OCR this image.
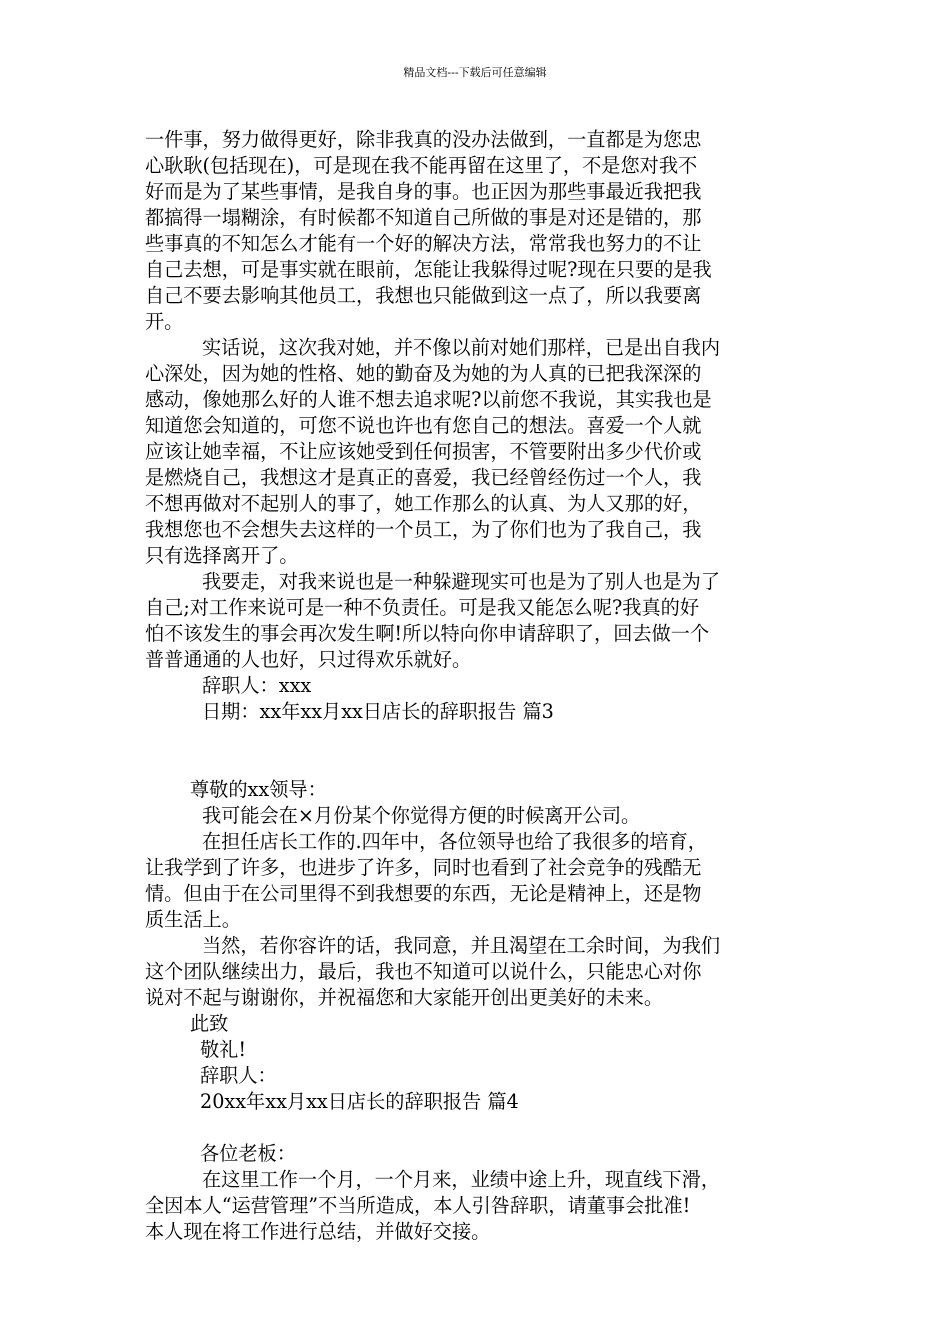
精品文档---下载后可任意编辑
一件事，努力做得更好，除非我真的没办法做到，一直都是为您忠
心耿耿(包括现在)，可是现在我不能再留在这里了，不是您对我不
好而是为了某些事情，是我自身的事。也正因为那些事最近我把我
都搞得一塌糊涂，有时候都不知道自己所做的事是对还是错的，那
些事真的不知怎么才能有一个好的解决方法，常常我也努力的不让
自己去想，可是事实就在眼前，怎能让我躲得过呢?现在只要的是我
自己不要去影响其他员工，我想也只能做到这一点了，所以我要离
开。
实话说，这次我对她，并不像以前对她们那样，已是出自我内
心深处，因为她的性格、她的勤奋及为她的为人真的已把我深深的
感动，像她那么好的人谁不想去追求呢?以前您不我说，其实我也是
知道您会知道的，可您不说也许也有您自己的想法。喜爱一个人就
应该让她幸福，不让应该她受到任何损害，不管要附出多少代价或
是燃烧自己，我想这才是真正的喜爱，我已经曾经伤过一个人，我
不想再做对不起别人的事了，她工作那么的认真、为人又那的好，
我想您也不会想失去这样的一个员工，为了你们也为了我自己，我
只有选择离开了。
我要走，对我来说也是一种躲避现实可也是为了别人也是为了
自己;对工作来说可是一种不负责任。可是我又能怎么呢?我真的好
怕不该发生的事会再次发生啊!所以特向你申请辞职了，回去做一个
普普通通的人也好，只过得欢乐就好。
辞职人：xxx
日期：xx年xx月xx日店长的辞职报告 篇3
尊敬的xx领导：
我可能会在×月份某个你觉得方便的时候离开公司。
在担任店长工作的.四年中，各位领导也给了我很多的培育，
让我学到了许多，也进步了许多，同时也看到了社会竞争的残酷无
情。但由于在公司里得不到我想要的东西，无论是精神上，还是物
质生活上。
当然，若你容许的话，我同意，并且渴望在工余时间，为我们
这个团队继续出力，最后，我也不知道可以说什么，只能忠心对你
说对不起与谢谢你，并祝福您和大家能开创出更美好的未来。
此致
敬礼!
辞职人：
20xx年xx月xx日店长的辞职报告 篇4
各位老板：
在这里工作一个月，一个月来，业绩中途上升，现直线下滑，
全因本人“运营管理”不当所造成，本人引咎辞职，请董事会批准!
本人现在将工作进行总结，并做好交接。
